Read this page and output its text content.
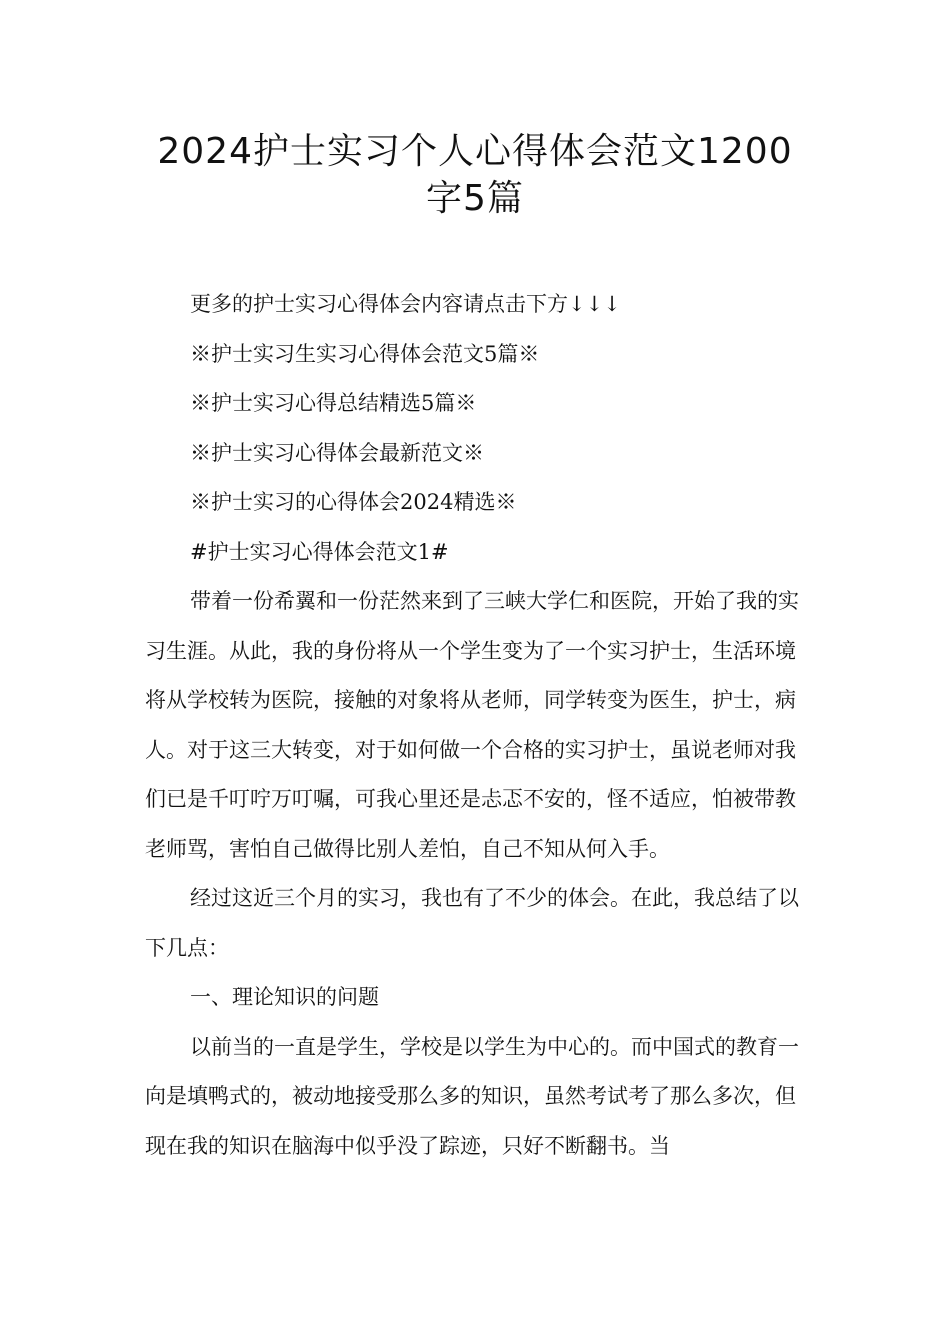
2024护士实习个人心得体会范文1200
字5篇

更多的护士实习心得体会内容请点击下方↓↓↓

※护士实习生实习心得体会范文5篇※

※护士实习心得总结精选5篇※

※护士实习心得体会最新范文※

※护士实习的心得体会2024精选※

#护士实习心得体会范文1#

带着一份希翼和一份茫然来到了三峡大学仁和医院，开始了我的实习生涯。从此，我的身份将从一个学生变为了一个实习护士，生活环境将从学校转为医院，接触的对象将从老师，同学转变为医生，护士，病人。对于这三大转变，对于如何做一个合格的实习护士，虽说老师对我们已是千叮咛万叮嘱，可我心里还是忐忑不安的，怪不适应，怕被带教老师骂，害怕自己做得比别人差怕，自己不知从何入手。

经过这近三个月的实习，我也有了不少的体会。在此，我总结了以下几点：

一、理论知识的问题

以前当的一直是学生，学校是以学生为中心的。而中国式的教育一向是填鸭式的，被动地接受那么多的知识，虽然考试考了那么多次，但现在我的知识在脑海中似乎没了踪迹，只好不断翻书。当
